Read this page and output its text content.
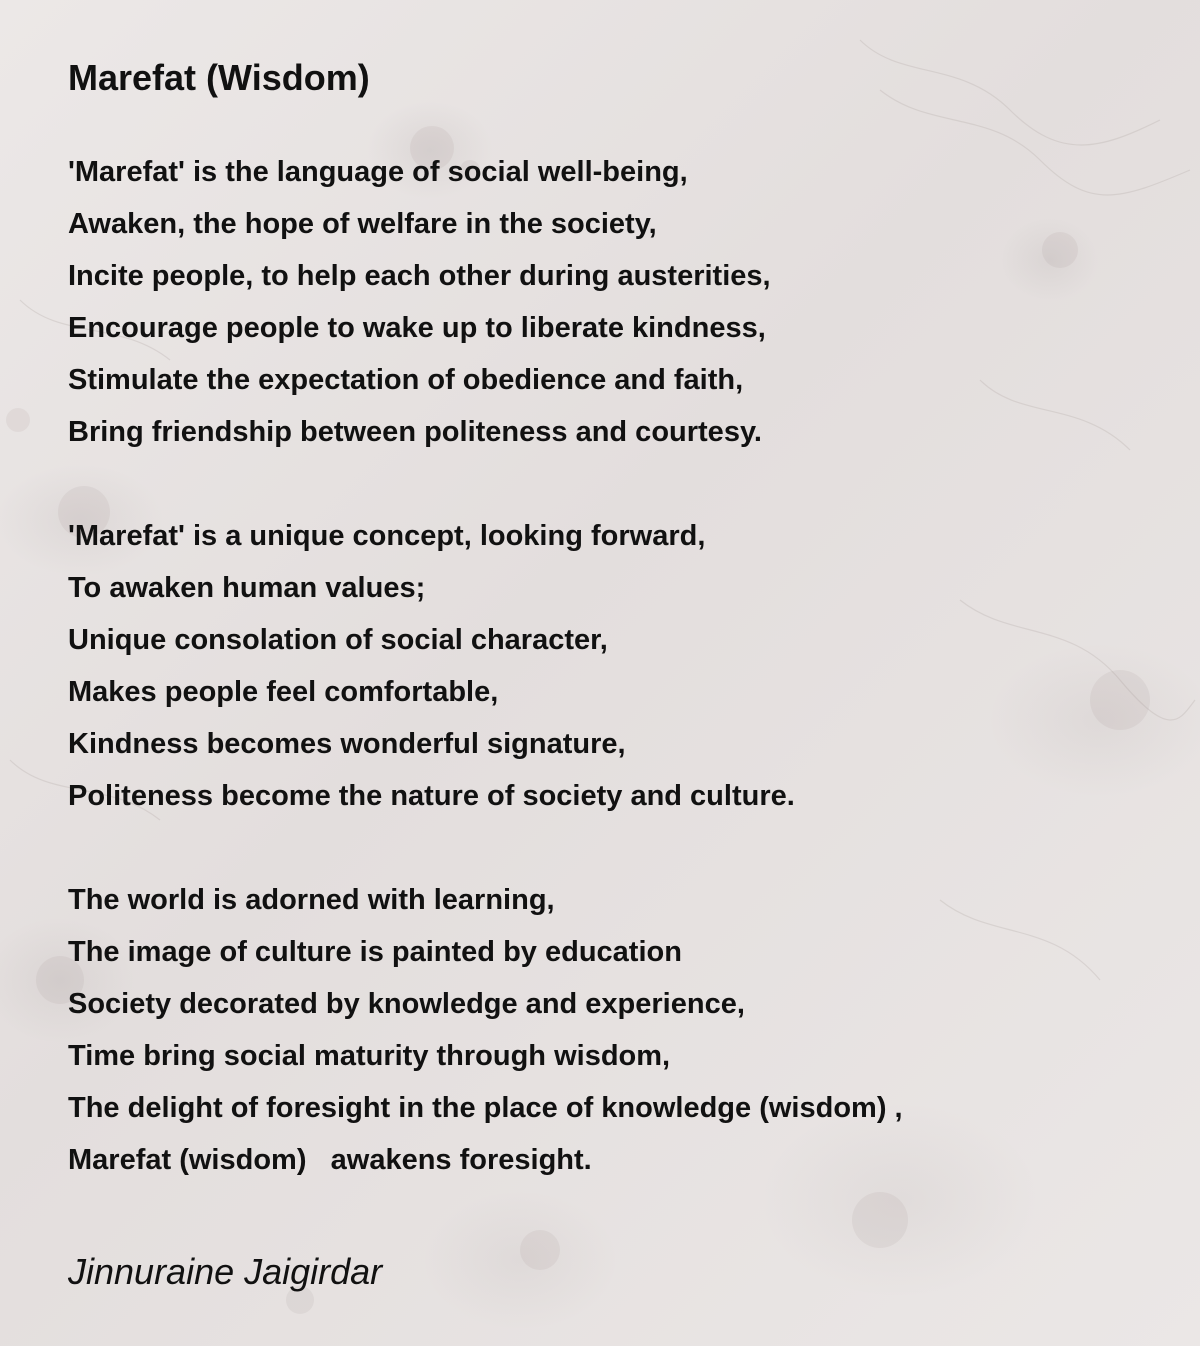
Marefat (Wisdom)
'Marefat' is the language of social well-being,
Awaken, the hope of welfare in the society,
Incite people, to help each other during austerities,
Encourage people to wake up to liberate kindness,
Stimulate the expectation of obedience and faith,
Bring friendship between politeness and courtesy.
'Marefat' is a unique concept, looking forward,
To awaken human values;
Unique consolation of social character,
Makes people feel comfortable,
Kindness becomes wonderful signature,
Politeness become the nature of society and culture.
The world is adorned with learning,
The image of culture is painted by education
Society decorated by knowledge and experience,
Time bring social maturity through wisdom,
The delight of foresight in the place of knowledge (wisdom) ,
Marefat (wisdom)   awakens foresight.
Jinnuraine Jaigirdar
